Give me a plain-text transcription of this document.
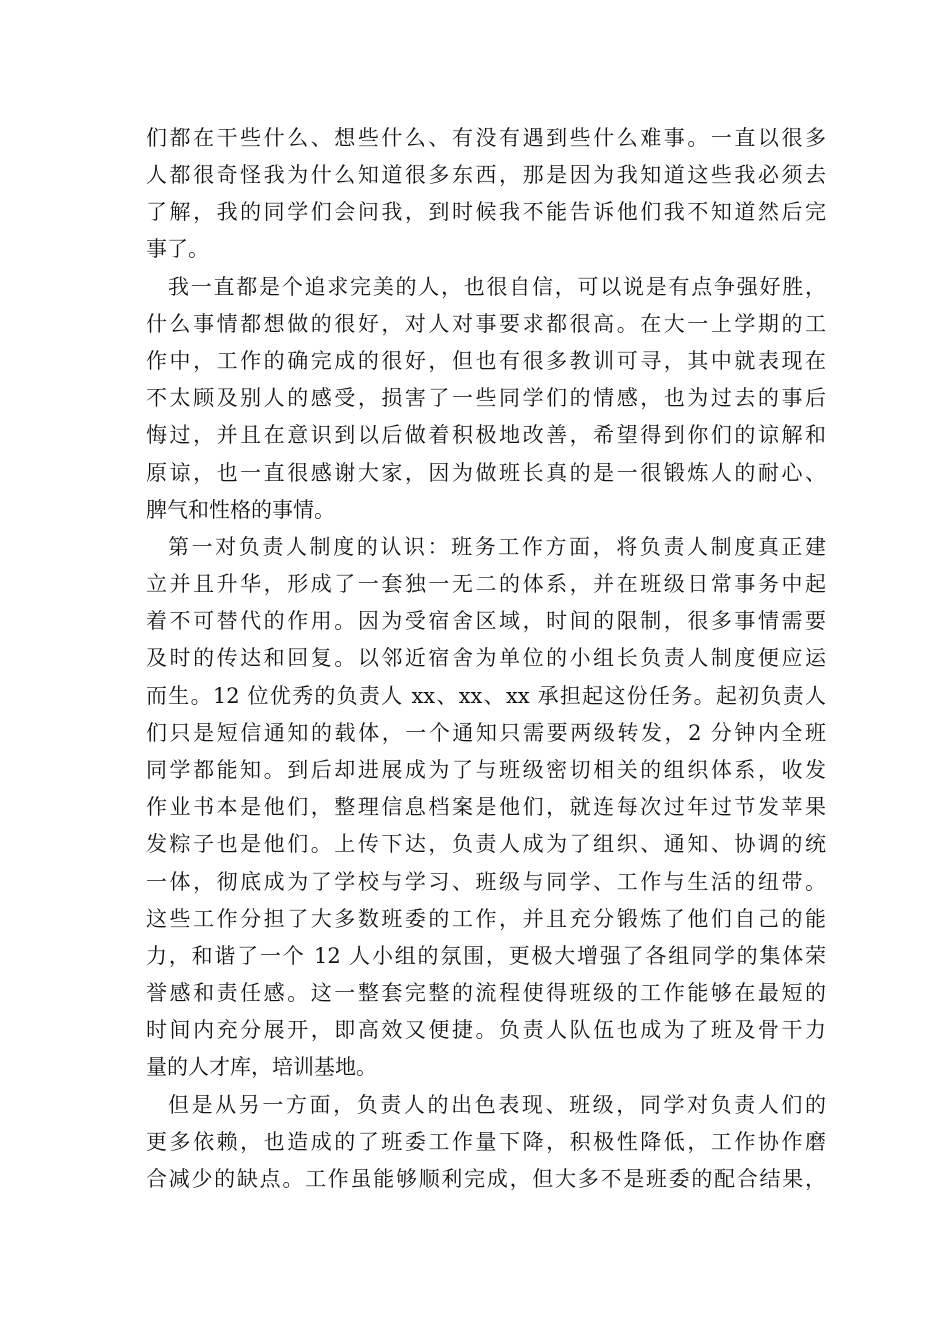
们都在干些什么、想些什么、有没有遇到些什么难事。一直以很多
人都很奇怪我为什么知道很多东西，那是因为我知道这些我必须去
了解，我的同学们会问我，到时候我不能告诉他们我不知道然后完
事了。
我一直都是个追求完美的人，也很自信，可以说是有点争强好胜，
什么事情都想做的很好，对人对事要求都很高。在大一上学期的工
作中，工作的确完成的很好，但也有很多教训可寻，其中就表现在
不太顾及别人的感受，损害了一些同学们的情感，也为过去的事后
悔过，并且在意识到以后做着积极地改善，希望得到你们的谅解和
原谅，也一直很感谢大家，因为做班长真的是一很锻炼人的耐心、
脾气和性格的事情。
第一对负责人制度的认识：班务工作方面，将负责人制度真正建
立并且升华，形成了一套独一无二的体系，并在班级日常事务中起
着不可替代的作用。因为受宿舍区域，时间的限制，很多事情需要
及时的传达和回复。以邻近宿舍为单位的小组长负责人制度便应运
而生。12 位优秀的负责人 xx、xx、xx 承担起这份任务。起初负责人
们只是短信通知的载体，一个通知只需要两级转发，2 分钟内全班
同学都能知。到后却进展成为了与班级密切相关的组织体系，收发
作业书本是他们，整理信息档案是他们，就连每次过年过节发苹果
发粽子也是他们。上传下达，负责人成为了组织、通知、协调的统
一体，彻底成为了学校与学习、班级与同学、工作与生活的纽带。
这些工作分担了大多数班委的工作，并且充分锻炼了他们自己的能
力，和谐了一个 12 人小组的氛围，更极大增强了各组同学的集体荣
誉感和责任感。这一整套完整的流程使得班级的工作能够在最短的
时间内充分展开，即高效又便捷。负责人队伍也成为了班及骨干力
量的人才库，培训基地。
但是从另一方面，负责人的出色表现、班级，同学对负责人们的
更多依赖，也造成的了班委工作量下降，积极性降低，工作协作磨
合减少的缺点。工作虽能够顺利完成，但大多不是班委的配合结果，
